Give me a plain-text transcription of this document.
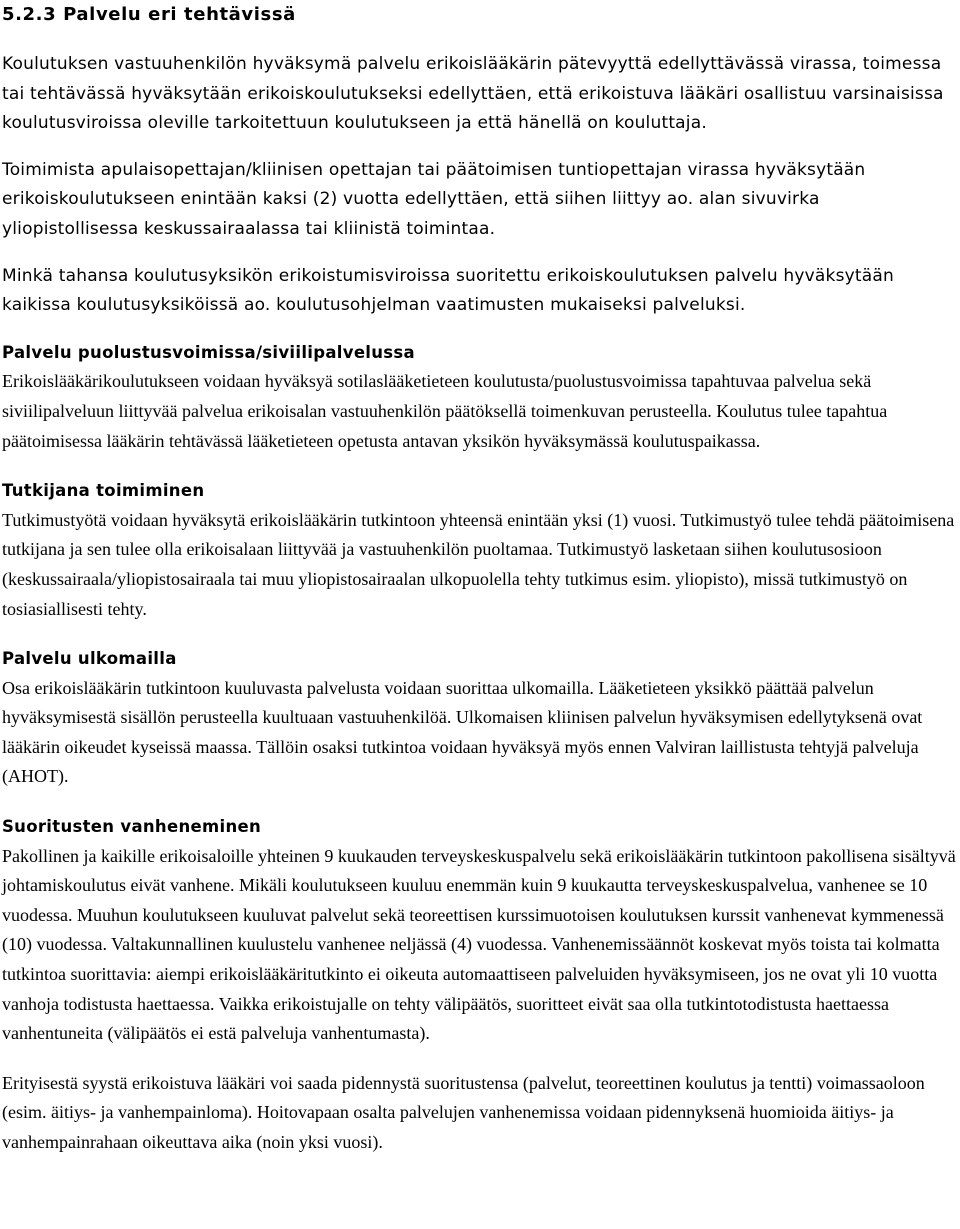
5.2.3 Palvelu eri tehtävissä

Koulutuksen vastuuhenkilön hyväksymä palvelu erikoislääkärin pätevyyttä edellyttävässä virassa, toimessa tai tehtävässä hyväksytään erikoiskoulutukseksi edellyttäen, että erikoistuva lääkäri osallistuu varsinaisissa koulutusviroissa oleville tarkoitettuun koulutukseen ja että hänellä on kouluttaja.

Toimimista apulaisopettajan/kliinisen opettajan tai päätoimisen tuntiopettajan virassa hyväksytään erikoiskoulutukseen enintään kaksi (2) vuotta edellyttäen, että siihen liittyy ao. alan sivuvirka yliopistollisessa keskussairaalassa tai kliinistä toimintaa.

Minkä tahansa koulutusyksikön erikoistumisviroissa suoritettu erikoiskoulutuksen palvelu hyväksytään kaikissa koulutusyksiköissä ao. koulutusohjelman vaatimusten mukaiseksi palveluksi.

Palvelu puolustusvoimissa/siviilipalvelussa

Erikoislääkärikoulutukseen voidaan hyväksyä sotilaslääketieteen koulutusta/puolustusvoimissa tapahtuvaa palvelua sekä siviilipalveluun liittyvää palvelua erikoisalan vastuuhenkilön päätöksellä toimenkuvan perusteella. Koulutus tulee tapahtua päätoimisessa lääkärin tehtävässä lääketieteen opetusta antavan yksikön hyväksymässä koulutuspaikassa.

Tutkijana toimiminen

Tutkimustyötä voidaan hyväksytä erikoislääkärin tutkintoon yhteensä enintään yksi (1) vuosi. Tutkimustyö tulee tehdä päätoimisena tutkijana ja sen tulee olla erikoisalaan liittyvää ja vastuuhenkilön puoltamaa. Tutkimustyö lasketaan siihen koulutusosioon (keskussairaala/yliopistosairaala tai muu yliopistosairaalan ulkopuolella tehty tutkimus esim. yliopisto), missä tutkimustyö on tosiasiallisesti tehty.

Palvelu ulkomailla

Osa erikoislääkärin tutkintoon kuuluvasta palvelusta voidaan suorittaa ulkomailla. Lääketieteen yksikkö päättää palvelun hyväksymisestä sisällön perusteella kuultuaan vastuuhenkilöä. Ulkomaisen kliinisen palvelun hyväksymisen edellytyksenä ovat lääkärin oikeudet kyseissä maassa. Tällöin osaksi tutkintoa voidaan hyväksyä myös ennen Valviran laillistusta tehtyjä palveluja (AHOT).

Suoritusten vanheneminen

Pakollinen ja kaikille erikoisaloille yhteinen 9 kuukauden terveyskeskuspalvelu sekä erikoislääkärin tutkintoon pakollisena sisältyvä johtamiskoulutus eivät vanhene. Mikäli koulutukseen kuuluu enemmän kuin 9 kuukautta terveyskeskuspalvelua, vanhenee se 10 vuodessa. Muuhun koulutukseen kuuluvat palvelut sekä teoreettisen kurssimuotoisen koulutuksen kurssit vanhenevat kymmenessä (10) vuodessa. Valtakunnallinen kuulustelu vanhenee neljässä (4) vuodessa. Vanhenemissäännöt koskevat myös toista tai kolmatta tutkintoa suorittavia: aiempi erikoislääkäritutkinto ei oikeuta automaattiseen palveluiden hyväksymiseen, jos ne ovat yli 10 vuotta vanhoja todistusta haettaessa. Vaikka erikoistujalle on tehty välipäätös, suoritteet eivät saa olla tutkintotodistusta haettaessa vanhentuneita (välipäätös ei estä palveluja vanhentumasta).

Erityisestä syystä erikoistuva lääkäri voi saada pidennystä suoritustensa (palvelut, teoreettinen koulutus ja tentti) voimassaoloon (esim. äitiys- ja vanhempainloma). Hoitovapaan osalta palvelujen vanhenemissa voidaan pidennyksenä huomioida äitiys- ja vanhempainrahaan oikeuttava aika (noin yksi vuosi).
